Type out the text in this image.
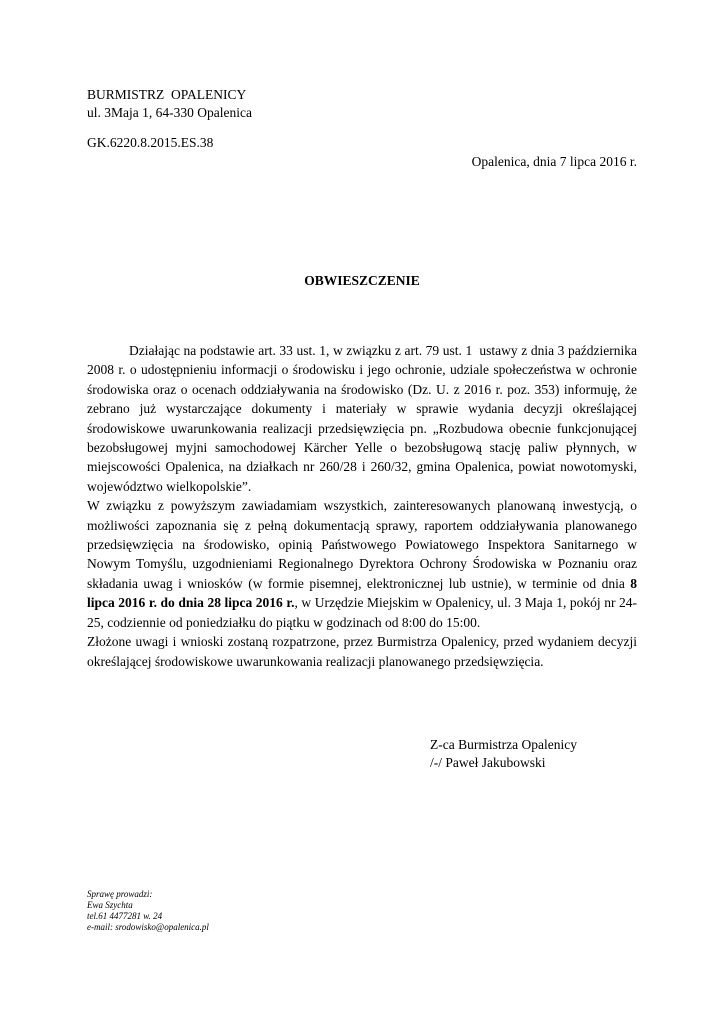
BURMISTRZ  OPALENICY
ul. 3Maja 1, 64-330 Opalenica
GK.6220.8.2015.ES.38
Opalenica, dnia 7 lipca 2016 r.
OBWIESZCZENIE

Działając na podstawie art. 33 ust. 1, w związku z art. 79 ust. 1  ustawy z dnia 3 października 2008 r. o udostępnieniu informacji o środowisku i jego ochronie, udziale społeczeństwa w ochronie środowiska oraz o ocenach oddziaływania na środowisko (Dz. U. z 2016 r. poz. 353) informuję, że zebrano już wystarczające dokumenty i materiały w sprawie wydania decyzji określającej środowiskowe uwarunkowania realizacji przedsięwzięcia pn. „Rozbudowa obecnie funkcjonującej bezobsługowej myjni samochodowej Kärcher Yelle o bezobsługową stację paliw płynnych, w miejscowości Opalenica, na działkach nr 260/28 i 260/32, gmina Opalenica, powiat nowotomyski, województwo wielkopolskie”.

W związku z powyższym zawiadamiam wszystkich, zainteresowanych planowaną inwestycją, o możliwości zapoznania się z pełną dokumentacją sprawy, raportem oddziaływania planowanego przedsięwzięcia na środowisko, opinią Państwowego Powiatowego Inspektora Sanitarnego w Nowym Tomyślu, uzgodnieniami Regionalnego Dyrektora Ochrony Środowiska w Poznaniu oraz składania uwag i wniosków (w formie pisemnej, elektronicznej lub ustnie), w terminie od dnia 8 lipca 2016 r. do dnia 28 lipca 2016 r., w Urzędzie Miejskim w Opalenicy, ul. 3 Maja 1, pokój nr 24-25, codziennie od poniedziałku do piątku w godzinach od 8:00 do 15:00.

Złożone uwagi i wnioski zostaną rozpatrzone, przez Burmistrza Opalenicy, przed wydaniem decyzji określającej środowiskowe uwarunkowania realizacji planowanego przedsięwzięcia.

Z-ca Burmistrza Opalenicy
/-/ Paweł Jakubowski
Sprawę prowadzi:
Ewa Szychta
tel.61 4477281 w. 24
e-mail: srodowisko@opalenica.pl
